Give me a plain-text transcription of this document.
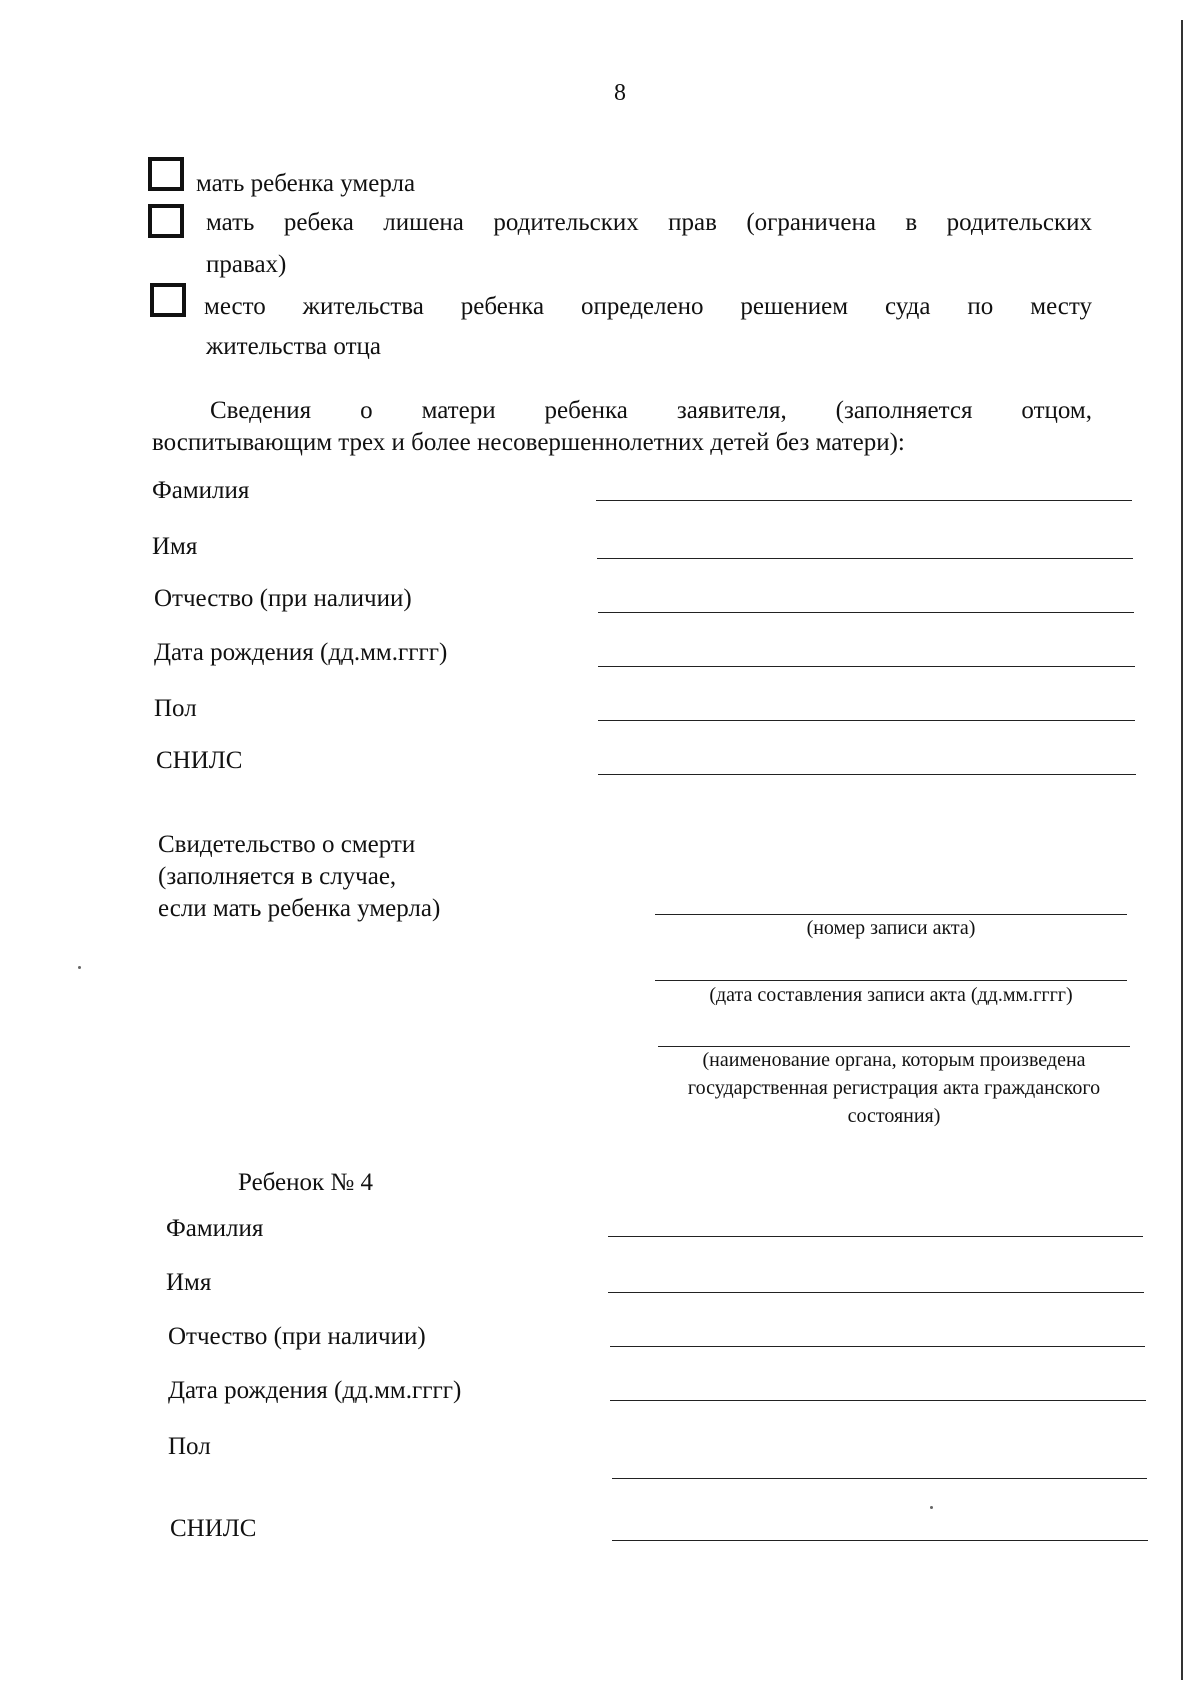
8
мать ребенка умерла
мать ребека лишена родительских прав (ограничена в родительских
правах)
место жительства ребенка определено решением суда по месту
жительства отца
Сведения о матери ребенка заявителя, (заполняется отцом,
воспитывающим трех и более несовершеннолетних детей без матери):
Фамилия
Имя
Отчество (при наличии)
Дата рождения (дд.мм.гггг)
Пол
СНИЛС
Свидетельство о смерти
(заполняется в случае,
если мать ребенка умерла)
(номер записи акта)
(дата составления записи акта (дд.мм.гггг)
(наименование органа, которым произведена
государственная регистрация акта гражданского
состояния)
Ребенок № 4
Фамилия
Имя
Отчество (при наличии)
Дата рождения (дд.мм.гггг)
Пол
СНИЛС
